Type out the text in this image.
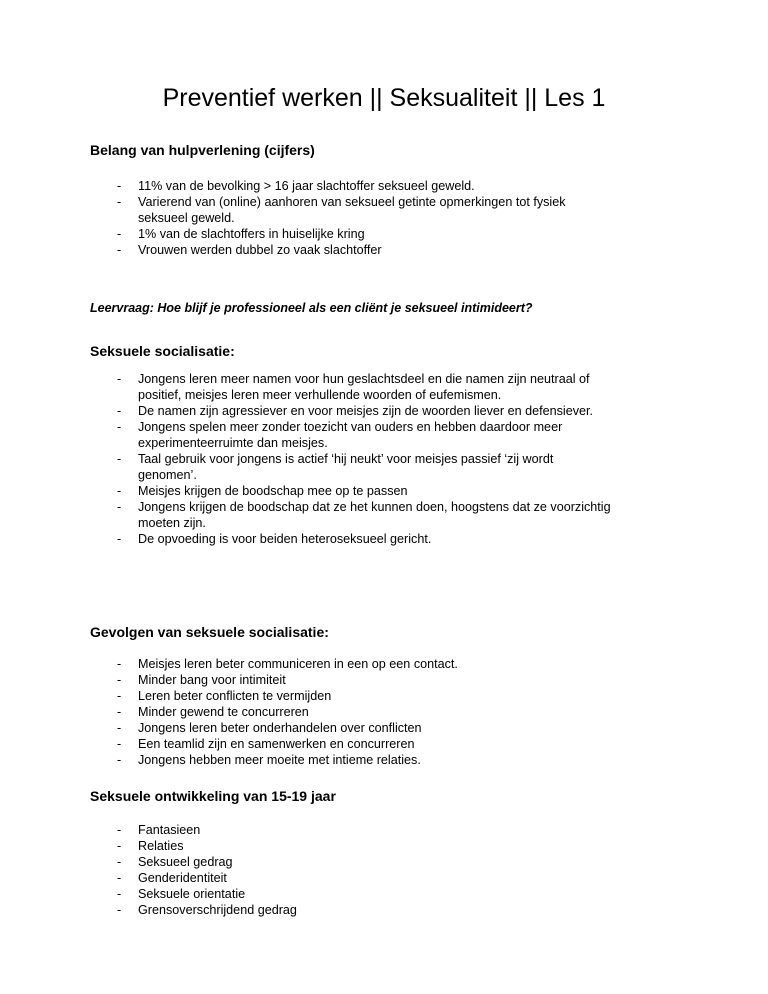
Preventief werken || Seksualiteit || Les 1
Belang van hulpverlening (cijfers)
- 11% van de bevolking > 16 jaar slachtoffer seksueel geweld.
- Varierend van (online) aanhoren van seksueel getinte opmerkingen tot fysiek
seksueel geweld.
- 1% van de slachtoffers in huiselijke kring
- Vrouwen werden dubbel zo vaak slachtoffer
Leervraag: Hoe blijf je professioneel als een cliënt je seksueel intimideert?
Seksuele socialisatie:
- Jongens leren meer namen voor hun geslachtsdeel en die namen zijn neutraal of
positief, meisjes leren meer verhullende woorden of eufemismen.
- De namen zijn agressiever en voor meisjes zijn de woorden liever en defensiever.
- Jongens spelen meer zonder toezicht van ouders en hebben daardoor meer
experimenteerruimte dan meisjes.
- Taal gebruik voor jongens is actief ‘hij neukt’ voor meisjes passief ‘zij wordt
genomen’.
- Meisjes krijgen de boodschap mee op te passen
- Jongens krijgen de boodschap dat ze het kunnen doen, hoogstens dat ze voorzichtig
moeten zijn.
- De opvoeding is voor beiden heteroseksueel gericht.
Gevolgen van seksuele socialisatie:
- Meisjes leren beter communiceren in een op een contact.
- Minder bang voor intimiteit
- Leren beter conflicten te vermijden
- Minder gewend te concurreren
- Jongens leren beter onderhandelen over conflicten
- Een teamlid zijn en samenwerken en concurreren
- Jongens hebben meer moeite met intieme relaties.
Seksuele ontwikkeling van 15-19 jaar
- Fantasieen
- Relaties
- Seksueel gedrag
- Genderidentiteit
- Seksuele orientatie
- Grensoverschrijdend gedrag
